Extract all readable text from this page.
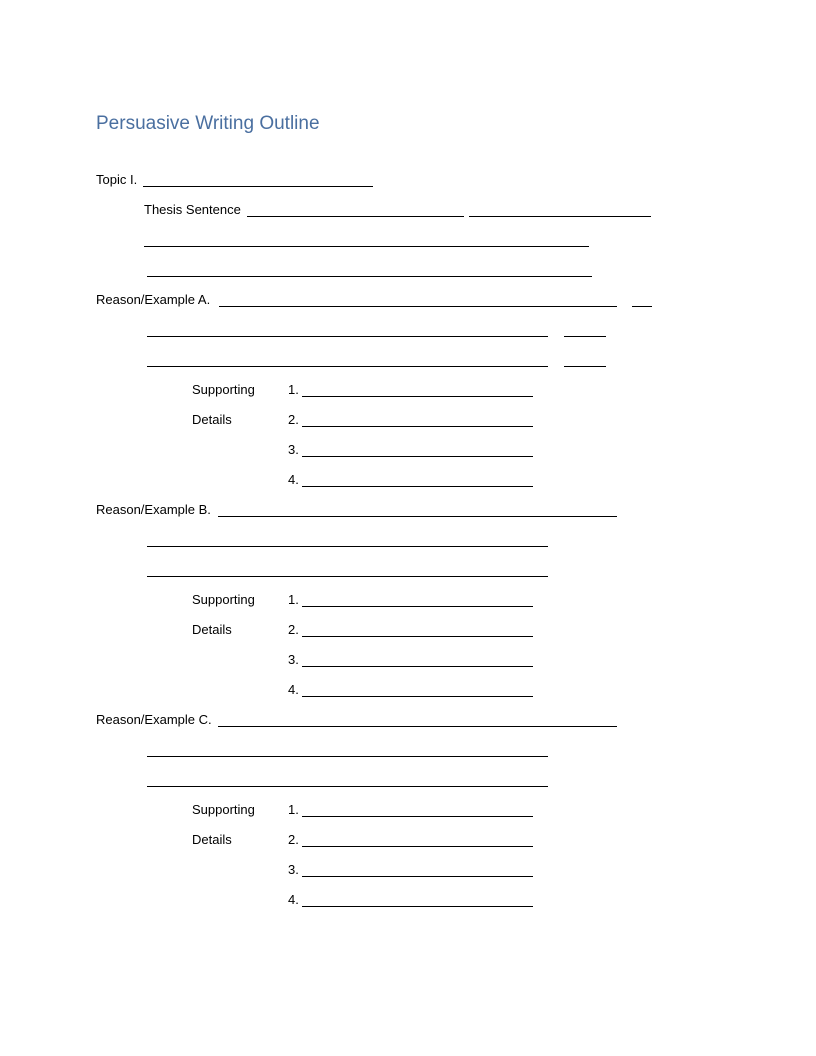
Persuasive Writing Outline
Topic I.
Thesis Sentence
Reason/Example A.
Supporting
Details
1.
2.
3.
4.
Reason/Example B.
Supporting
Details
1.
2.
3.
4.
Reason/Example C.
Supporting
Details
1.
2.
3.
4.
